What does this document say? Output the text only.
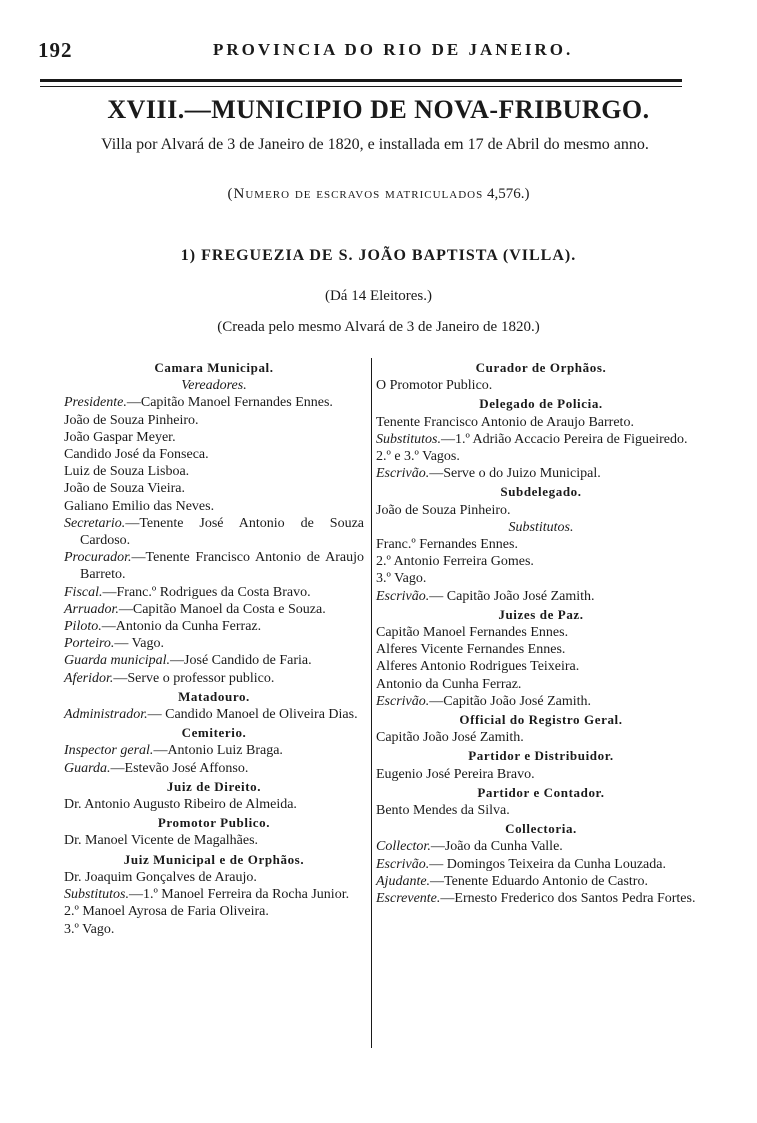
192	PROVINCIA DO RIO DE JANEIRO.
XVIII.—MUNICIPIO DE NOVA-FRIBURGO.
Villa por Alvará de 3 de Janeiro de 1820, e installada em 17 de Abril do mesmo anno.
(Numero de escravos matriculados 4,576.)
1) FREGUEZIA DE S. JOÃO BAPTISTA (VILLA).
(Dá 14 Eleitores.)
(Creada pelo mesmo Alvará de 3 de Janeiro de 1820.)
Camara Municipal.
Vereadores.
Presidente.—Capitão Manoel Fernandes Ennes.
João de Souza Pinheiro.
João Gaspar Meyer.
Candido José da Fonseca.
Luiz de Souza Lisboa.
João de Souza Vieira.
Galiano Emilio das Neves.
Secretario.—Tenente José Antonio de Souza Cardoso.
Procurador.—Tenente Francisco Antonio de Araujo Barreto.
Fiscal.—Franc.º Rodrigues da Costa Bravo.
Arruador.—Capitão Manoel da Costa e Souza.
Piloto.—Antonio da Cunha Ferraz.
Porteiro.— Vago.
Guarda municipal.—José Candido de Faria.
Aferidor.—Serve o professor publico.
Matadouro.
Administrador.— Candido Manoel de Oliveira Dias.
Cemiterio.
Inspector geral.—Antonio Luiz Braga.
Guarda.—Estevão José Affonso.
Juiz de Direito.
Dr. Antonio Augusto Ribeiro de Almeida.
Promotor Publico.
Dr. Manoel Vicente de Magalhães.
Juiz Municipal e de Orphãos.
Dr. Joaquim Gonçalves de Araujo.
Substitutos.—1.º Manoel Ferreira da Rocha Junior.
2.º Manoel Ayrosa de Faria Oliveira.
3.º Vago.
Curador de Orphãos.
O Promotor Publico.
Delegado de Policia.
Tenente Francisco Antonio de Araujo Barreto.
Substitutos.—1.º Adrião Accacio Pereira de Figueiredo.
2.º e 3.º Vagos.
Escrivão.—Serve o do Juizo Municipal.
Subdelegado.
João de Souza Pinheiro.
Substitutos.
Franc.º Fernandes Ennes.
2.º Antonio Ferreira Gomes.
3.º Vago.
Escrivão.— Capitão João José Zamith.
Juizes de Paz.
Capitão Manoel Fernandes Ennes.
Alferes Vicente Fernandes Ennes.
Alferes Antonio Rodrigues Teixeira.
Antonio da Cunha Ferraz.
Escrivão.—Capitão João José Zamith.
Official do Registro Geral.
Capitão João José Zamith.
Partidor e Distribuidor.
Eugenio José Pereira Bravo.
Partidor e Contador.
Bento Mendes da Silva.
Collectoria.
Collector.—João da Cunha Valle.
Escrivão.— Domingos Teixeira da Cunha Louzada.
Ajudante.—Tenente Eduardo Antonio de Castro.
Escrevente.—Ernesto Frederico dos Santos Pedra Fortes.
